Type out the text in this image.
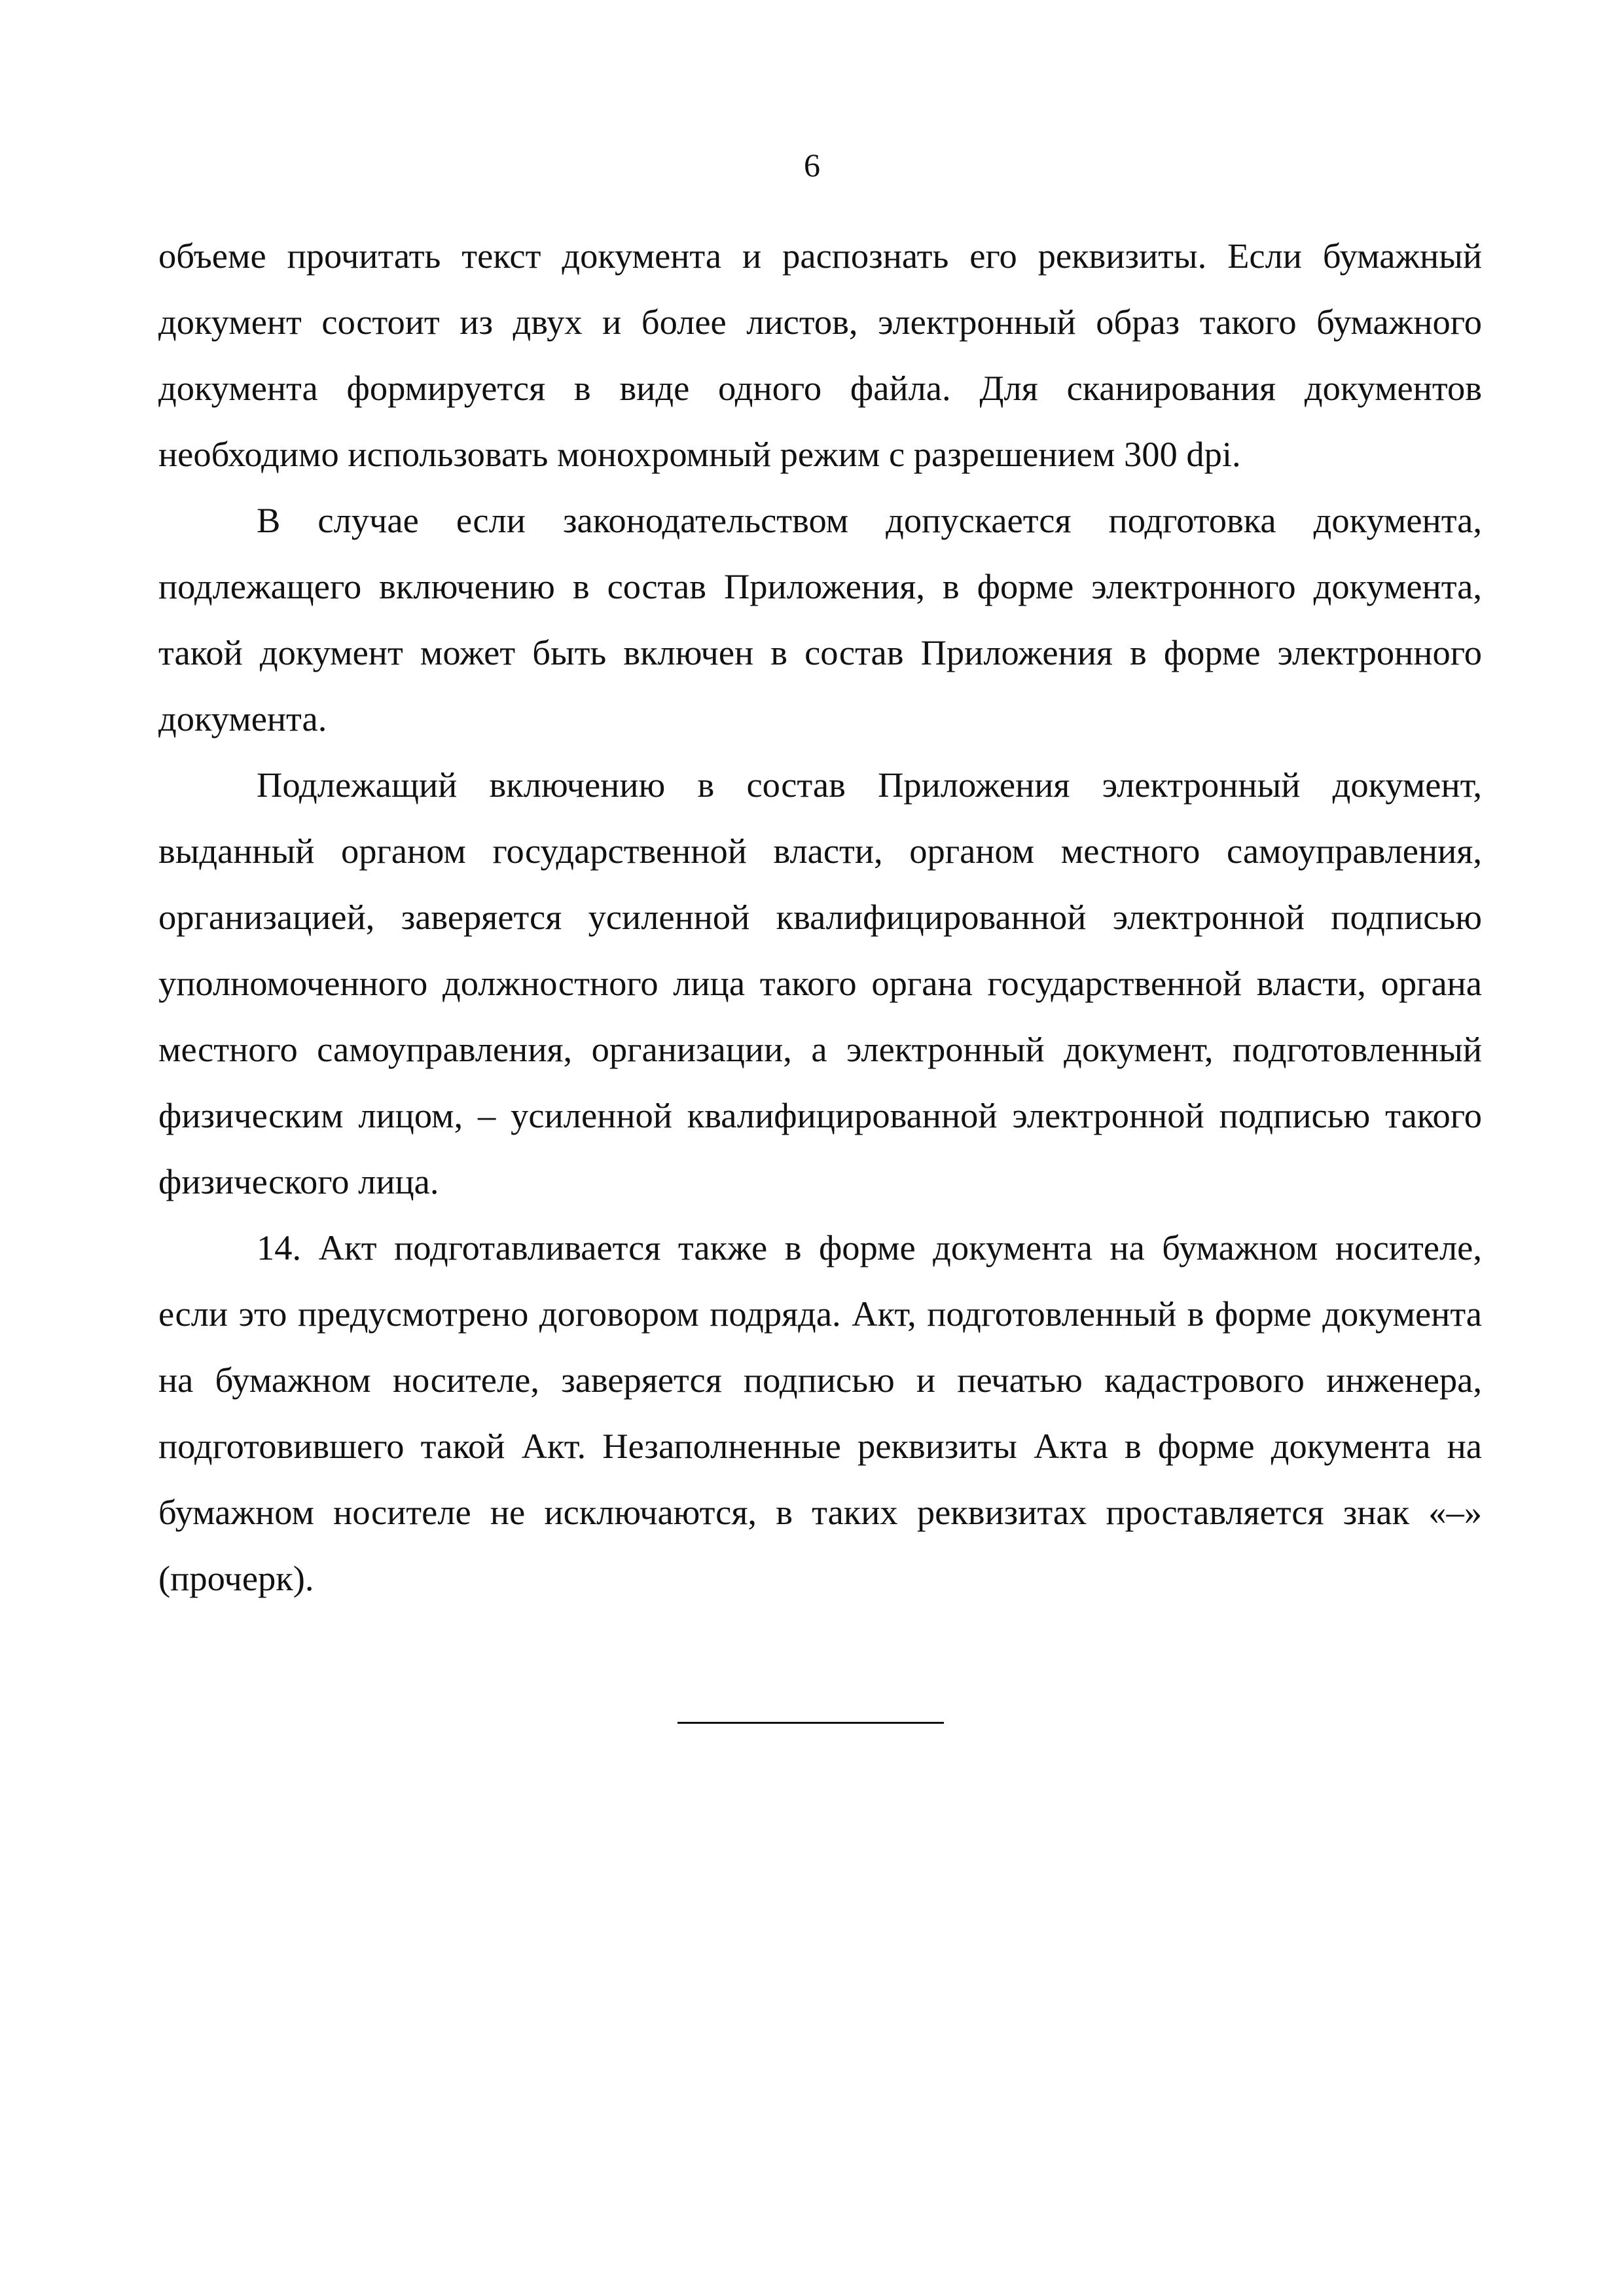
6

объеме прочитать текст документа и распознать его реквизиты. Если бумажный документ состоит из двух и более листов, электронный образ такого бумажного документа формируется в виде одного файла. Для сканирования документов необходимо использовать монохромный режим с разрешением 300 dpi.

В случае если законодательством допускается подготовка документа, подлежащего включению в состав Приложения, в форме электронного документа, такой документ может быть включен в состав Приложения в форме электронного документа.

Подлежащий включению в состав Приложения электронный документ, выданный органом государственной власти, органом местного самоуправления, организацией, заверяется усиленной квалифицированной электронной подписью уполномоченного должностного лица такого органа государственной власти, органа местного самоуправления, организации, а электронный документ, подготовленный физическим лицом, – усиленной квалифицированной электронной подписью такого физического лица.

14. Акт подготавливается также в форме документа на бумажном носителе, если это предусмотрено договором подряда. Акт, подготовленный в форме документа на бумажном носителе, заверяется подписью и печатью кадастрового инженера, подготовившего такой Акт. Незаполненные реквизиты Акта в форме документа на бумажном носителе не исключаются, в таких реквизитах проставляется знак «–» (прочерк).
